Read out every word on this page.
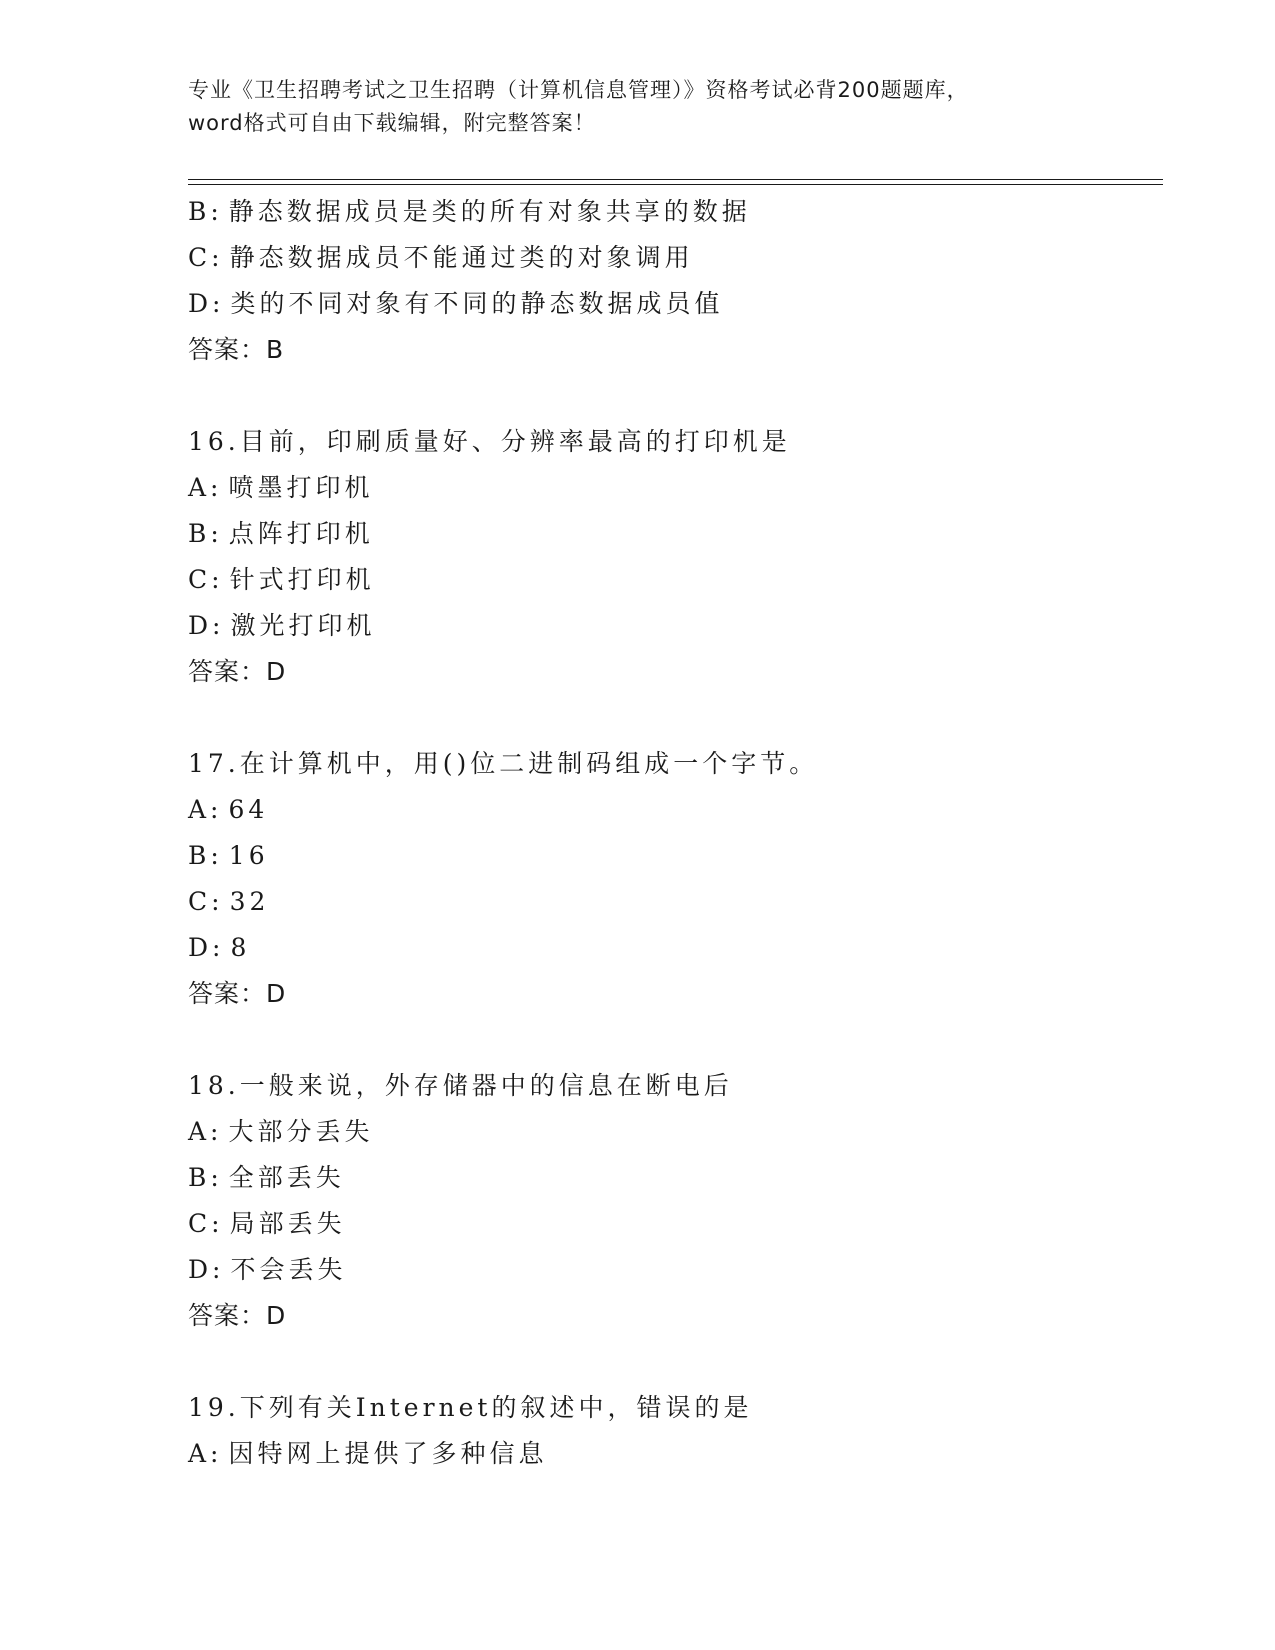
专业《卫生招聘考试之卫生招聘（计算机信息管理）》资格考试必背200题题库，
word格式可自由下载编辑，附完整答案！
B: 静态数据成员是类的所有对象共享的数据
C: 静态数据成员不能通过类的对象调用
D: 类的不同对象有不同的静态数据成员值
答案：B
16.目前，印刷质量好、分辨率最高的打印机是
A: 喷墨打印机
B: 点阵打印机
C: 针式打印机
D: 激光打印机
答案：D
17.在计算机中，用()位二进制码组成一个字节。
A: 64
B: 16
C: 32
D: 8
答案：D
18.一般来说，外存储器中的信息在断电后
A: 大部分丢失
B: 全部丢失
C: 局部丢失
D: 不会丢失
答案：D
19.下列有关Internet的叙述中，错误的是
A: 因特网上提供了多种信息
